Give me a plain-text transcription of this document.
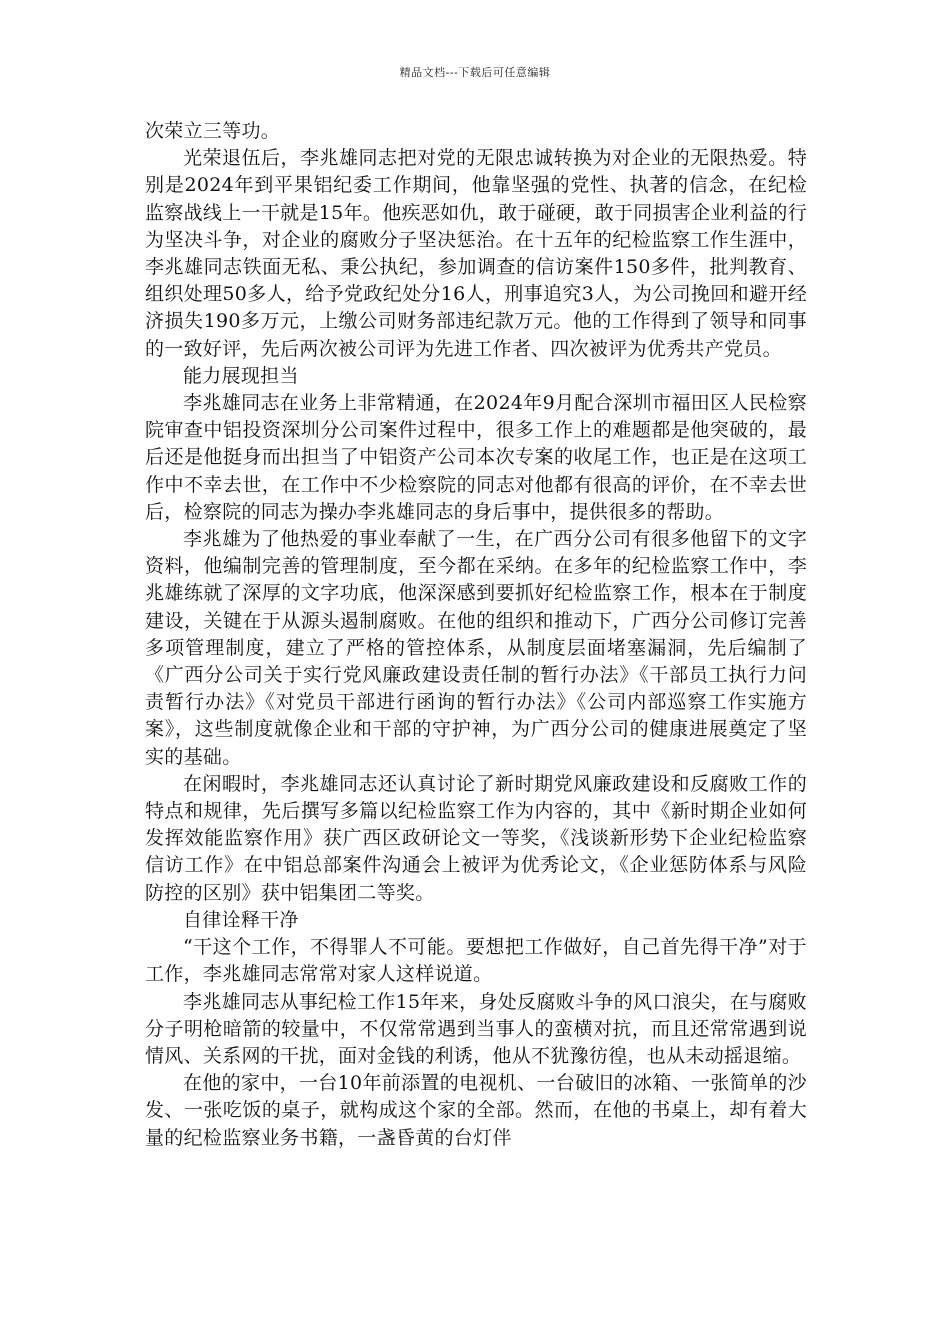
精品文档---下载后可任意编辑

次荣立三等功。

光荣退伍后，李兆雄同志把对党的无限忠诚转换为对企业的无限热爱。特别是2024年到平果铝纪委工作期间，他靠坚强的党性、执著的信念，在纪检监察战线上一干就是15年。他疾恶如仇，敢于碰硬，敢于同损害企业利益的行为坚决斗争，对企业的腐败分子坚决惩治。在十五年的纪检监察工作生涯中，李兆雄同志铁面无私、秉公执纪，参加调查的信访案件150多件，批判教育、组织处理50多人，给予党政纪处分16人，刑事追究3人，为公司挽回和避开经济损失190多万元，上缴公司财务部违纪款万元。他的工作得到了领导和同事的一致好评，先后两次被公司评为先进工作者、四次被评为优秀共产党员。

能力展现担当

李兆雄同志在业务上非常精通，在2024年9月配合深圳市福田区人民检察院审查中铝投资深圳分公司案件过程中，很多工作上的难题都是他突破的，最后还是他挺身而出担当了中铝资产公司本次专案的收尾工作，也正是在这项工作中不幸去世，在工作中不少检察院的同志对他都有很高的评价，在不幸去世后，检察院的同志为操办李兆雄同志的身后事中，提供很多的帮助。

李兆雄为了他热爱的事业奉献了一生，在广西分公司有很多他留下的文字资料，他编制完善的管理制度，至今都在采纳。在多年的纪检监察工作中，李兆雄练就了深厚的文字功底，他深深感到要抓好纪检监察工作，根本在于制度建设，关键在于从源头遏制腐败。在他的组织和推动下，广西分公司修订完善多项管理制度，建立了严格的管控体系，从制度层面堵塞漏洞，先后编制了《广西分公司关于实行党风廉政建设责任制的暂行办法》《干部员工执行力问责暂行办法》《对党员干部进行函询的暂行办法》《公司内部巡察工作实施方案》，这些制度就像企业和干部的守护神，为广西分公司的健康进展奠定了坚实的基础。

在闲暇时，李兆雄同志还认真讨论了新时期党风廉政建设和反腐败工作的特点和规律，先后撰写多篇以纪检监察工作为内容的，其中《新时期企业如何发挥效能监察作用》获广西区政研论文一等奖，《浅谈新形势下企业纪检监察信访工作》在中铝总部案件沟通会上被评为优秀论文，《企业惩防体系与风险防控的区别》获中铝集团二等奖。

自律诠释干净

“干这个工作，不得罪人不可能。要想把工作做好，自己首先得干净”对于工作，李兆雄同志常常对家人这样说道。

李兆雄同志从事纪检工作15年来，身处反腐败斗争的风口浪尖，在与腐败分子明枪暗箭的较量中，不仅常常遇到当事人的蛮横对抗，而且还常常遇到说情风、关系网的干扰，面对金钱的利诱，他从不犹豫彷徨，也从未动摇退缩。

在他的家中，一台10年前添置的电视机、一台破旧的冰箱、一张简单的沙发、一张吃饭的桌子，就构成这个家的全部。然而，在他的书桌上，却有着大量的纪检监察业务书籍，一盏昏黄的台灯伴
